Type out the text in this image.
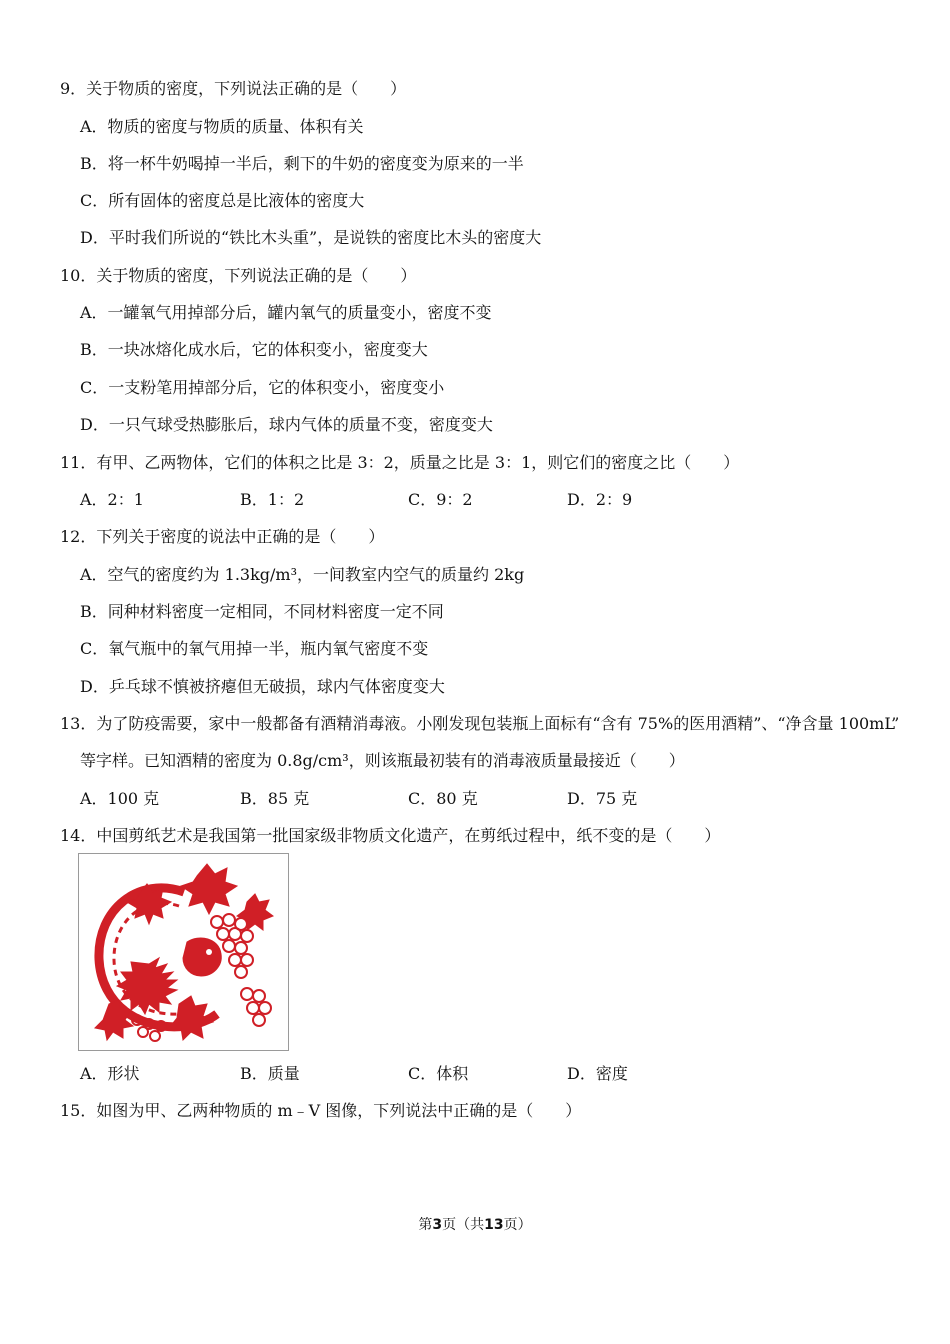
9．关于物质的密度，下列说法正确的是（　　）
A．物质的密度与物质的质量、体积有关
B．将一杯牛奶喝掉一半后，剩下的牛奶的密度变为原来的一半
C．所有固体的密度总是比液体的密度大
D．平时我们所说的“铁比木头重”，是说铁的密度比木头的密度大
10．关于物质的密度，下列说法正确的是（　　）
A．一罐氧气用掉部分后，罐内氧气的质量变小，密度不变
B．一块冰熔化成水后，它的体积变小，密度变大
C．一支粉笔用掉部分后，它的体积变小，密度变小
D．一只气球受热膨胀后，球内气体的质量不变，密度变大
11．有甲、乙两物体，它们的体积之比是 3：2，质量之比是 3：1，则它们的密度之比（　　）
A．2：1	B．1：2	C．9：2	D．2：9
12．下列关于密度的说法中正确的是（　　）
A．空气的密度约为 1.3kg/m³，一间教室内空气的质量约 2kg
B．同种材料密度一定相同，不同材料密度一定不同
C．氧气瓶中的氧气用掉一半，瓶内氧气密度不变
D．乒乓球不慎被挤瘪但无破损，球内气体密度变大
13．为了防疫需要，家中一般都备有酒精消毒液。小刚发现包装瓶上面标有“含有 75%的医用酒精”、“净含量 100mL”
等字样。已知酒精的密度为 0.8g/cm³，则该瓶最初装有的消毒液质量最接近（　　）
A．100 克	B．85 克	C．80 克	D．75 克
14．中国剪纸艺术是我国第一批国家级非物质文化遗产，在剪纸过程中，纸不变的是（　　）
A．形状	B．质量	C．体积	D．密度
15．如图为甲、乙两种物质的 m﹣V 图像，下列说法中正确的是（　　）
第3页（共13页）
